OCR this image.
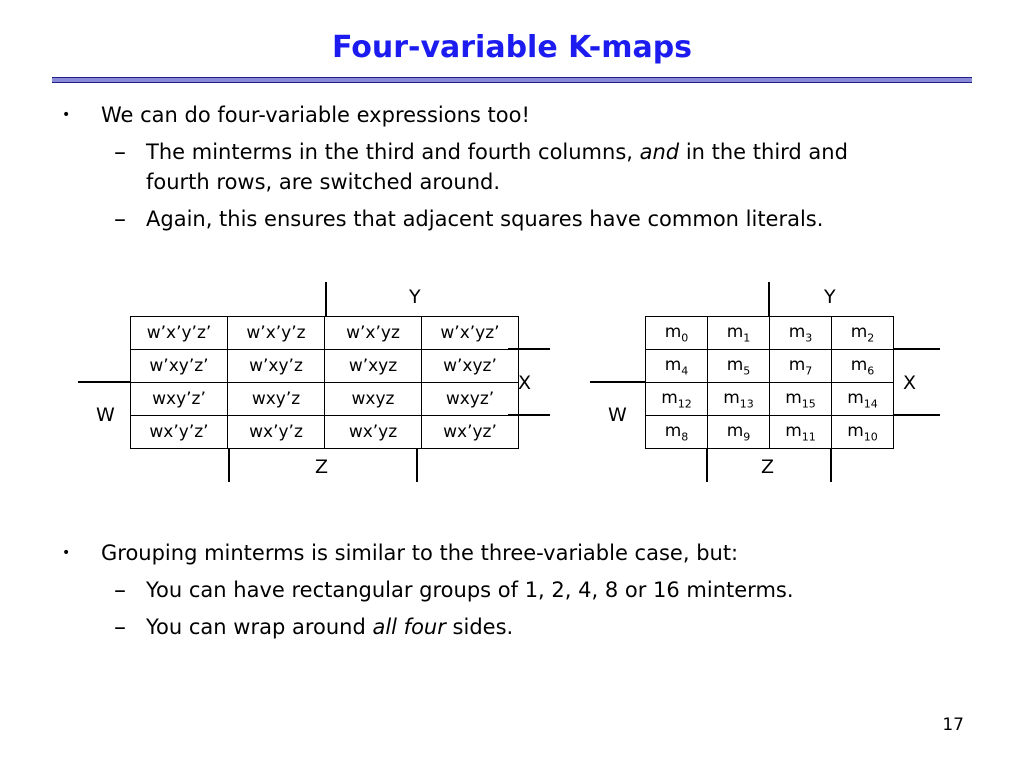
Four-variable K-maps
• We can do four-variable expressions too!
– The minterms in the third and fourth columns, and in the third and
fourth rows, are switched around.
– Again, this ensures that adjacent squares have common literals.
Y
w’x’y’z’	w’x’y’z	w’x’yz	w’x’yz’
w’xy’z’	w’xy’z	w’xyz	w’xyz’
wxy’z’	wxy’z	wxyz	wxyz’
wx’y’z’	wx’y’z	wx’yz	wx’yz’
X
W
Z
Y
$m_0$	$m_1$	$m_3$	$m_2$
$m_4$	$m_5$	$m_7$	$m_6$
$m_{12}$	$m_{13}$	$m_{15}$	$m_{14}$
$m_8$	$m_9$	$m_{11}$	$m_{10}$
X
W
Z
• Grouping minterms is similar to the three-variable case, but:
– You can have rectangular groups of 1, 2, 4, 8 or 16 minterms.
– You can wrap around all four sides.
17
